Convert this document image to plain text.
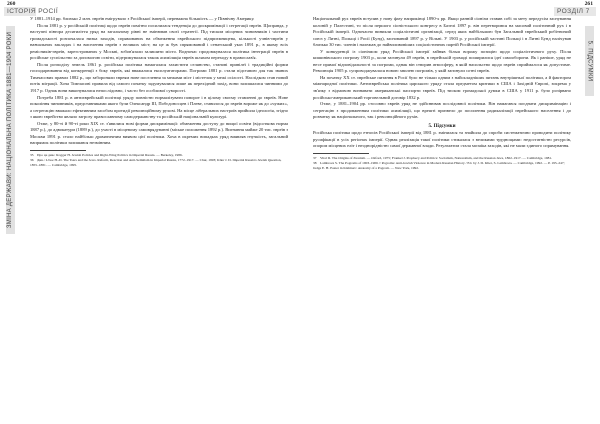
260
ІСТОРІЯ РОСІЇ
ЗМІНА ДЕРЖАВИ: НАЦІОНАЛЬНА ПОЛІТИКА 1881—1904 РОКИ

У 1881–1914 рр. близько 2 млн. євреїв емігрувало з Російської імперії, переважна більшість — у Північну Америку.

Після 1881 р. у російській політиці щодо євреїв помітно посилилася тенденція до дискримінації і сегрегації євреїв. Щоправда, у наступні півтора десятиліття уряд на загальному рівні не змінював своєї стратегії. Під тиском місцевих чиновників і частини громадськості розпочалася низка заходів, спрямованих на обмеження єврейського підприємництва, кількості учнів-євреїв у навчальних закладах і на виселення євреїв з великих міст; на це ж був спрямований і сенатський указ 1891 р., в якому всіх ремісників-євреїв, зареєстрованих у Москві, зобов'язали залишити місто. Водночас продовжувалася політика інтеграції євреїв в російське суспільство за допомогою освіти, підтримувалася також асиміляція євреїв шляхом переходу в православ'я.

Після розподілу земель 1861 р. російська політика намагалася захистити селянство, станові привілеї і традиційні форми господарювання від конкуренції з боку євреїв, які вважалися експлуататорами. Погроми 1881 р. стали підставою для так званих Тимчасових правил 1882 р., що забороняли євреям нове поселення за межами міст і містечок у межі осілості. Наслідком став новий потік міграції. Хоча Тимчасові правила від самого початку задумувалися лише як перехідний захід, вони залишалися чинними до 1917 р. Однак вони виконувалися непослідовно, і часто без особливої суворості.

Потреба 1881 р. в антиєврейській політиці уряду повністю нормалізувати поворот і в цілому своєму ставленні до євреїв. Нове покоління чиновників, представниками якого були Олександр III, Побєдоносцев і Плеве, ставилося до євреїв вороже як до «чужих», а сегрегацію вважало ефективним засобом протидії революційному рухові. На місце ліберальних настроїв прийшла ідеологія, згідно з якою єврейство являло загрозу православному самодержавству та російській національній культурі.

Отже, у 80-ті й 90-ті роки XIX ст. з'явилися нові форми дискримінації: обмеження доступу до вищої освіти (відсоткова норма 1887 р.), до адвокатури (1889 р.), до участі в місцевому самоврядуванні (міське положення 1892 р.). Вигнання майже 20 тис. євреїв з Москви 1891 р. стало найбільш драматичним виявом цієї політики. Хоча в окремих випадках уряд виявляв гнучкість, загальний напрямок політики залишався незмінним.

35 Про це див.: Rogger H. Jewish Policies and Right-Wing Politics in Imperial Russia. — Berkeley, 1986.

36 Див.: Löwe H.-D. The Tsars and the Jews. Reform, Reaction and Anti-Semitism in Imperial Russia, 1772–1917. — Chur, 1993; Klier J. D. Imperial Russia's Jewish Question, 1855–1881. — Cambridge, 1995.

261
РОЗДІЛ 7
5. ПІДСУМКИ

Національний рух євреїв вступив у нову фазу наприкінці 1890-х рр. Якщо ранній сіонізм ставив собі за мету передусім заснування колоній у Палестині, то після першого сіоністського конгресу в Базелі 1897 р. він перетворився на масовий політичний рух і в Російській імперії. Одночасно виникли соціалістичні організації, серед яких найбільшою був Загальний єврейський робітничий союз у Литві, Польщі і Росії (Бунд), заснований 1897 р. у Вільні. У 1903 р. у російській частині Польщі і в Литві Бунд налічував близько 30 тис. членів і належав до найвпливовіших соціалістичних партій Російської імперії.

У конкуренції із сіонізмом уряд Російської імперії зайняв більш ворожу позицію щодо соціалістичного руху. Після кишинівського погрому 1903 р., коли загинули 49 євреїв, в єврейській громаді поширилися ідеї самооборони. Як і раніше, уряд не несе прямої відповідальності за погроми, однак він створив атмосферу, в якій насильство щодо євреїв сприймалося як допустиме. Революція 1905 р. супроводжувалася новою хвилею погромів, у якій загинули сотні євреїв.

На початку XX ст. єврейське питання в Росії було не тільки одним з найскладніших питань внутрішньої політики, а й фактором міжнародної політики. Антиєврейська політика царського уряду стала предметом критики в США і Західній Європі, зокрема у зв'язку з відмовою визнавати американські паспорти євреїв. Під тиском громадської думки в США у 1911 р. було розірвано російсько-американський торговельний договір 1832 р.

Отже, у 1881–1904 рр. стосовно євреїв уряд не здійснював послідовної політики. Він намагався поєднати дискримінацію і сегрегацію з продовженням політики асиміляції, що врешті призвело до посилення радикалізації єврейського населення і до розвитку як національного, так і революційного рухів.

5. Підсумки

Російська політика щодо етносів Російської імперії від 1881 р. змінилася та знайшла до спроби систематично проводити політику русифікації в усіх регіонах імперії. Однак реалізація такої політики стикалася з великими труднощами: недостатністю ресурсів, опором місцевих еліт і неоднорідністю самої державної влади. Результатом стала мозаїка заходів, які не мали єдиного спрямування.

37 Vital D. The Origins of Zionism. — Oxford, 1975; Frankel J. Prophecy and Politics: Socialism, Nationalism, and the Russian Jews, 1862–1917. — Cambridge, 1981.

38 Lambroza S. The Pogroms of 1903–1906 // Pogroms: Anti-Jewish Violence in Modern Russian History / Ed. by J. D. Klier, S. Lambroza. — Cambridge, 1992. — P. 195–247; Judge E. H. Easter in Kishinev: Anatomy of a Pogrom. — New York, 1992.
